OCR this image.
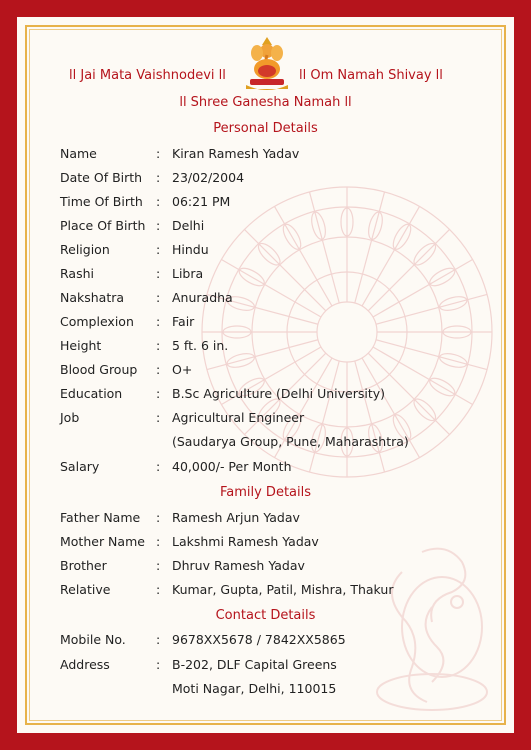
ll Jai Mata Vaishnodevi ll	ll Om Namah Shivay ll
ll Shree Ganesha Namah ll
Personal Details
Family Details
Contact Details
Name	: Kiran Ramesh Yadav
Date Of Birth	: 23/02/2004
Time Of Birth	: 06:21 PM
Place Of Birth : Delhi
Religion	: Hindu
Rashi	: Libra
Nakshatra	: Anuradha
Complexion	: Fair
Height	: 5 ft. 6 in.
Blood Group	: O+
Education	: B.Sc Agriculture (Delhi University)
Job	: Agricultural Engineer
(Saudarya Group, Pune, Maharashtra)
Salary	: 40,000/- Per Month
Father Name	: Ramesh Arjun Yadav
Mother Name : Lakshmi Ramesh Yadav
Brother	: Dhruv Ramesh Yadav
Relative	: Kumar, Gupta, Patil, Mishra, Thakur
Mobile No.	: 9678XX5678 / 7842XX5865
Address	: B-202, DLF Capital Greens
Moti Nagar, Delhi, 110015
